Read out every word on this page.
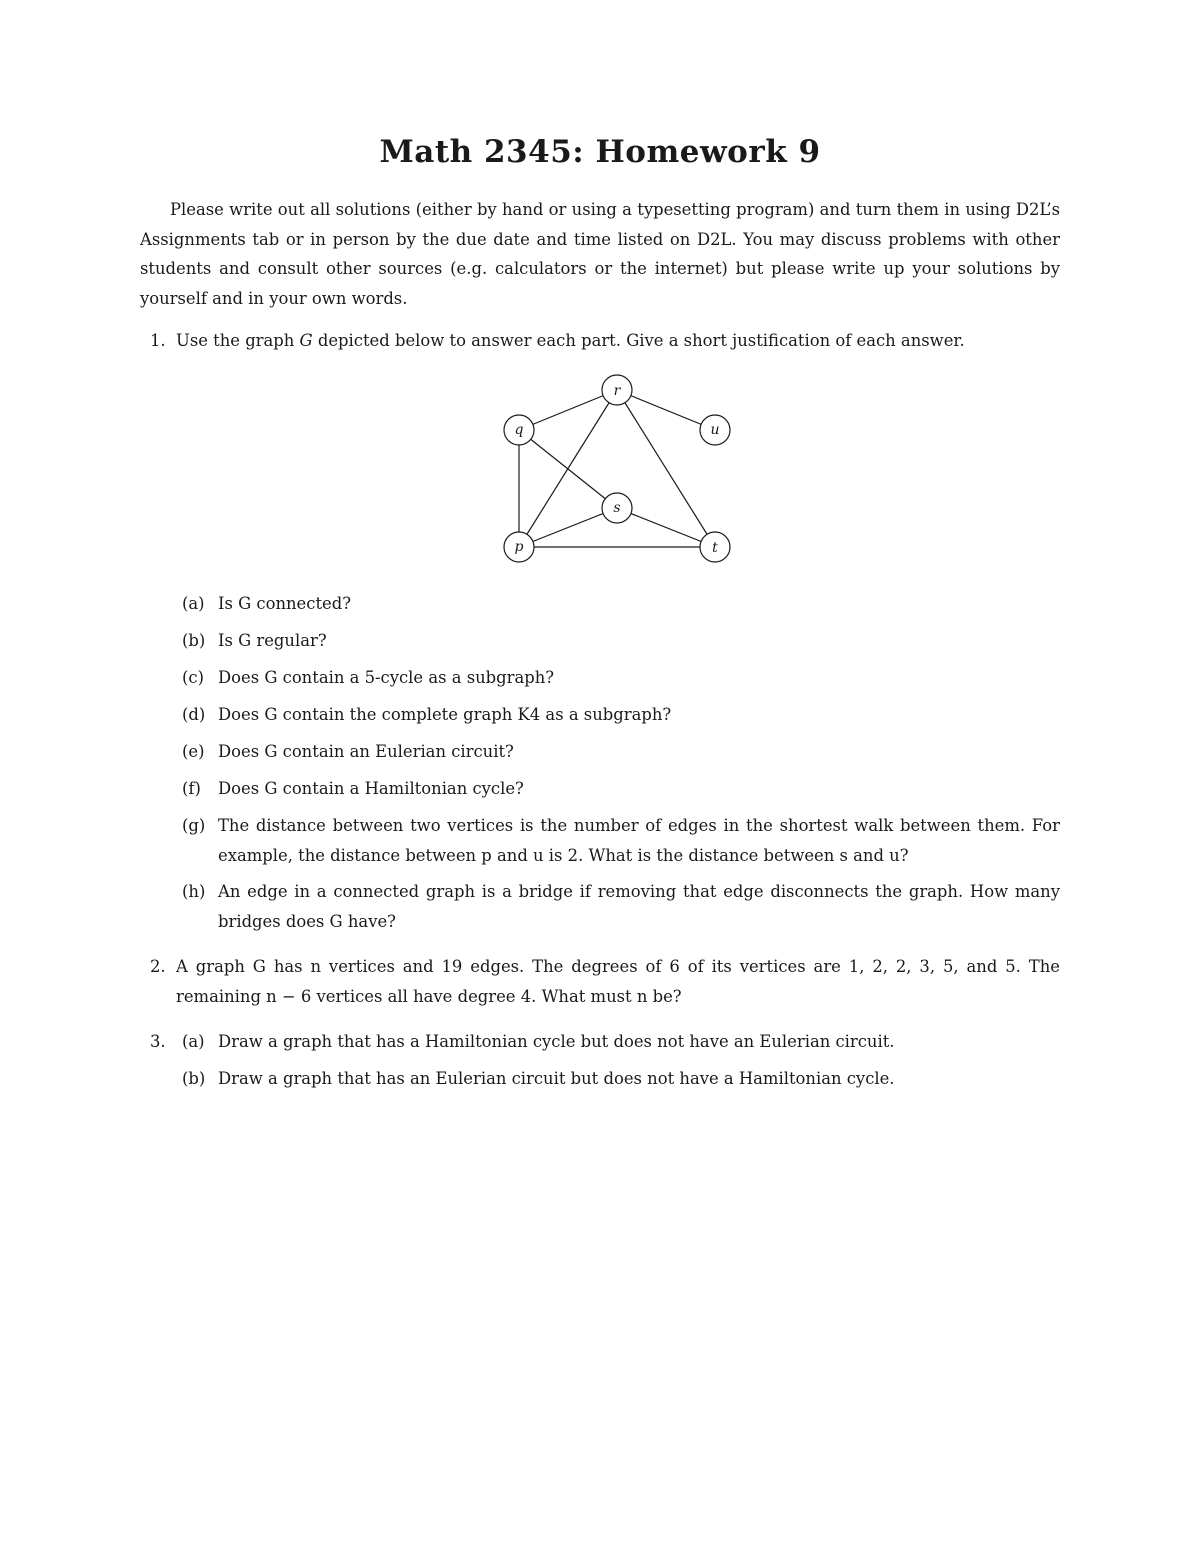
Math 2345: Homework 9
Please write out all solutions (either by hand or using a typesetting program) and turn them in using D2L’s Assignments tab or in person by the due date and time listed on D2L. You may discuss problems with other students and consult other sources (e.g. calculators or the internet) but please write up your solutions by yourself and in your own words.
1. Use the graph G depicted below to answer each part. Give a short justification of each answer.
r
q	u
s
p	t
(a) Is G connected?
(b) Is G regular?
(c) Does G contain a 5-cycle as a subgraph?
(d) Does G contain the complete graph K4 as a subgraph?
(e) Does G contain an Eulerian circuit?
(f) Does G contain a Hamiltonian cycle?
(g) The distance between two vertices is the number of edges in the shortest walk between them. For example, the distance between p and u is 2. What is the distance between s and u?
(h) An edge in a connected graph is a bridge if removing that edge disconnects the graph. How many bridges does G have?
2. A graph G has n vertices and 19 edges. The degrees of 6 of its vertices are 1, 2, 2, 3, 5, and 5. The remaining n − 6 vertices all have degree 4. What must n be?
3. (a) Draw a graph that has a Hamiltonian cycle but does not have an Eulerian circuit.
(b) Draw a graph that has an Eulerian circuit but does not have a Hamiltonian cycle.
